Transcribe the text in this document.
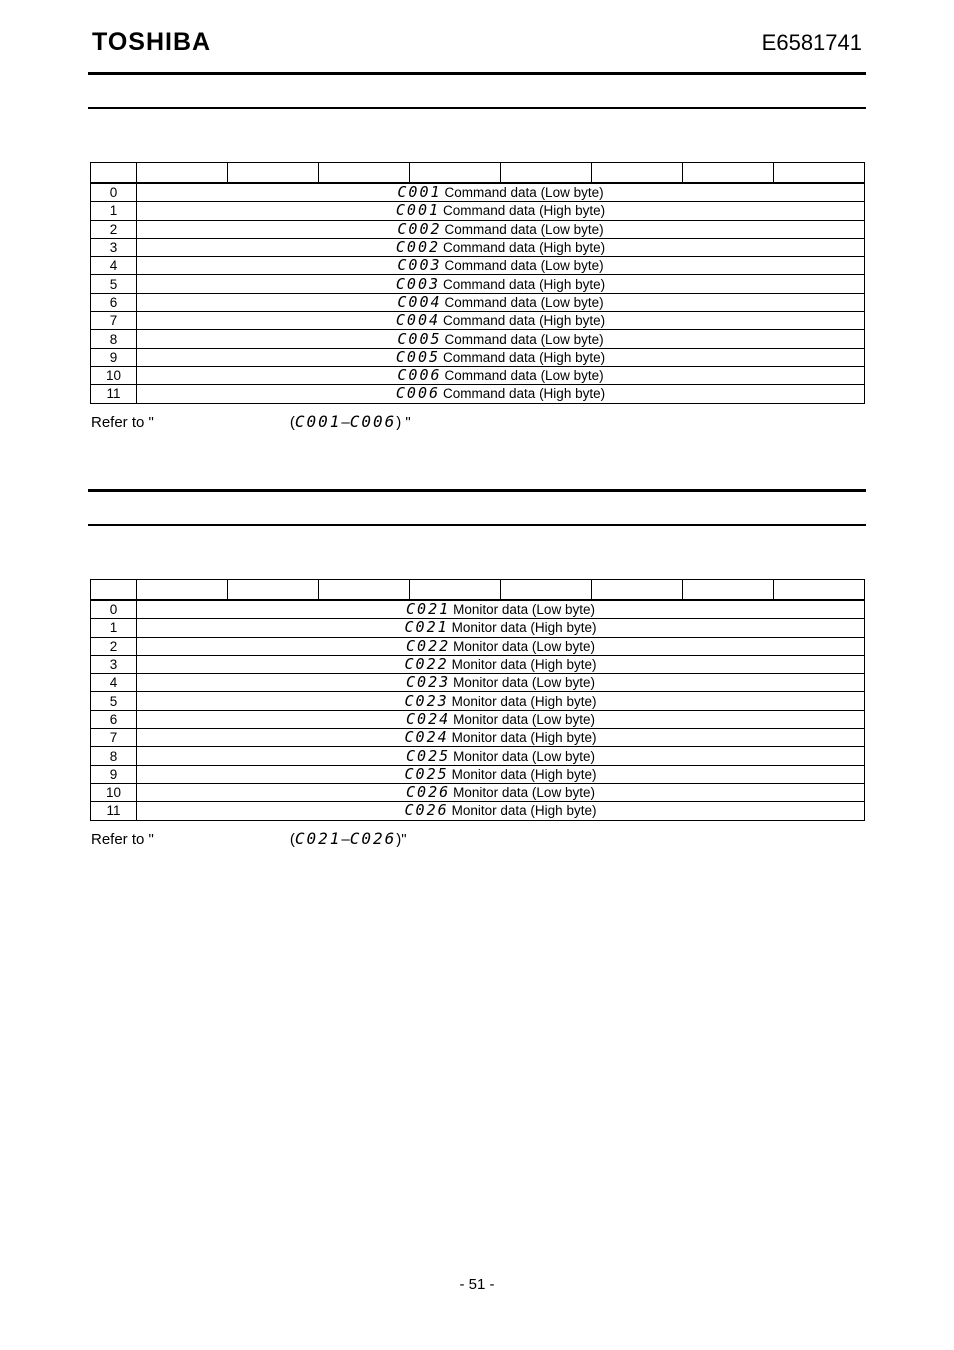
TOSHIBA	E6581741

0	C001 Command data (Low byte)							
1	C001 Command data (High byte)							
2	C002 Command data (Low byte)							
3	C002 Command data (High byte)							
4	C003 Command data (Low byte)							
5	C003 Command data (High byte)							
6	C004 Command data (Low byte)							
7	C004 Command data (High byte)							
8	C005 Command data (Low byte)							
9	C005 Command data (High byte)							
10	C006 Command data (Low byte)							
11	C006 Command data (High byte)							
Refer to "	(C001–C006) "

0	C021 Monitor data (Low byte)							
1	C021 Monitor data (High byte)							
2	C022 Monitor data (Low byte)							
3	C022 Monitor data (High byte)							
4	C023 Monitor data (Low byte)							
5	C023 Monitor data (High byte)							
6	C024 Monitor data (Low byte)							
7	C024 Monitor data (High byte)							
8	C025 Monitor data (Low byte)							
9	C025 Monitor data (High byte)							
10	C026 Monitor data (Low byte)							
11	C026 Monitor data (High byte)							
Refer to "	(C021–C026)"
- 51 -
